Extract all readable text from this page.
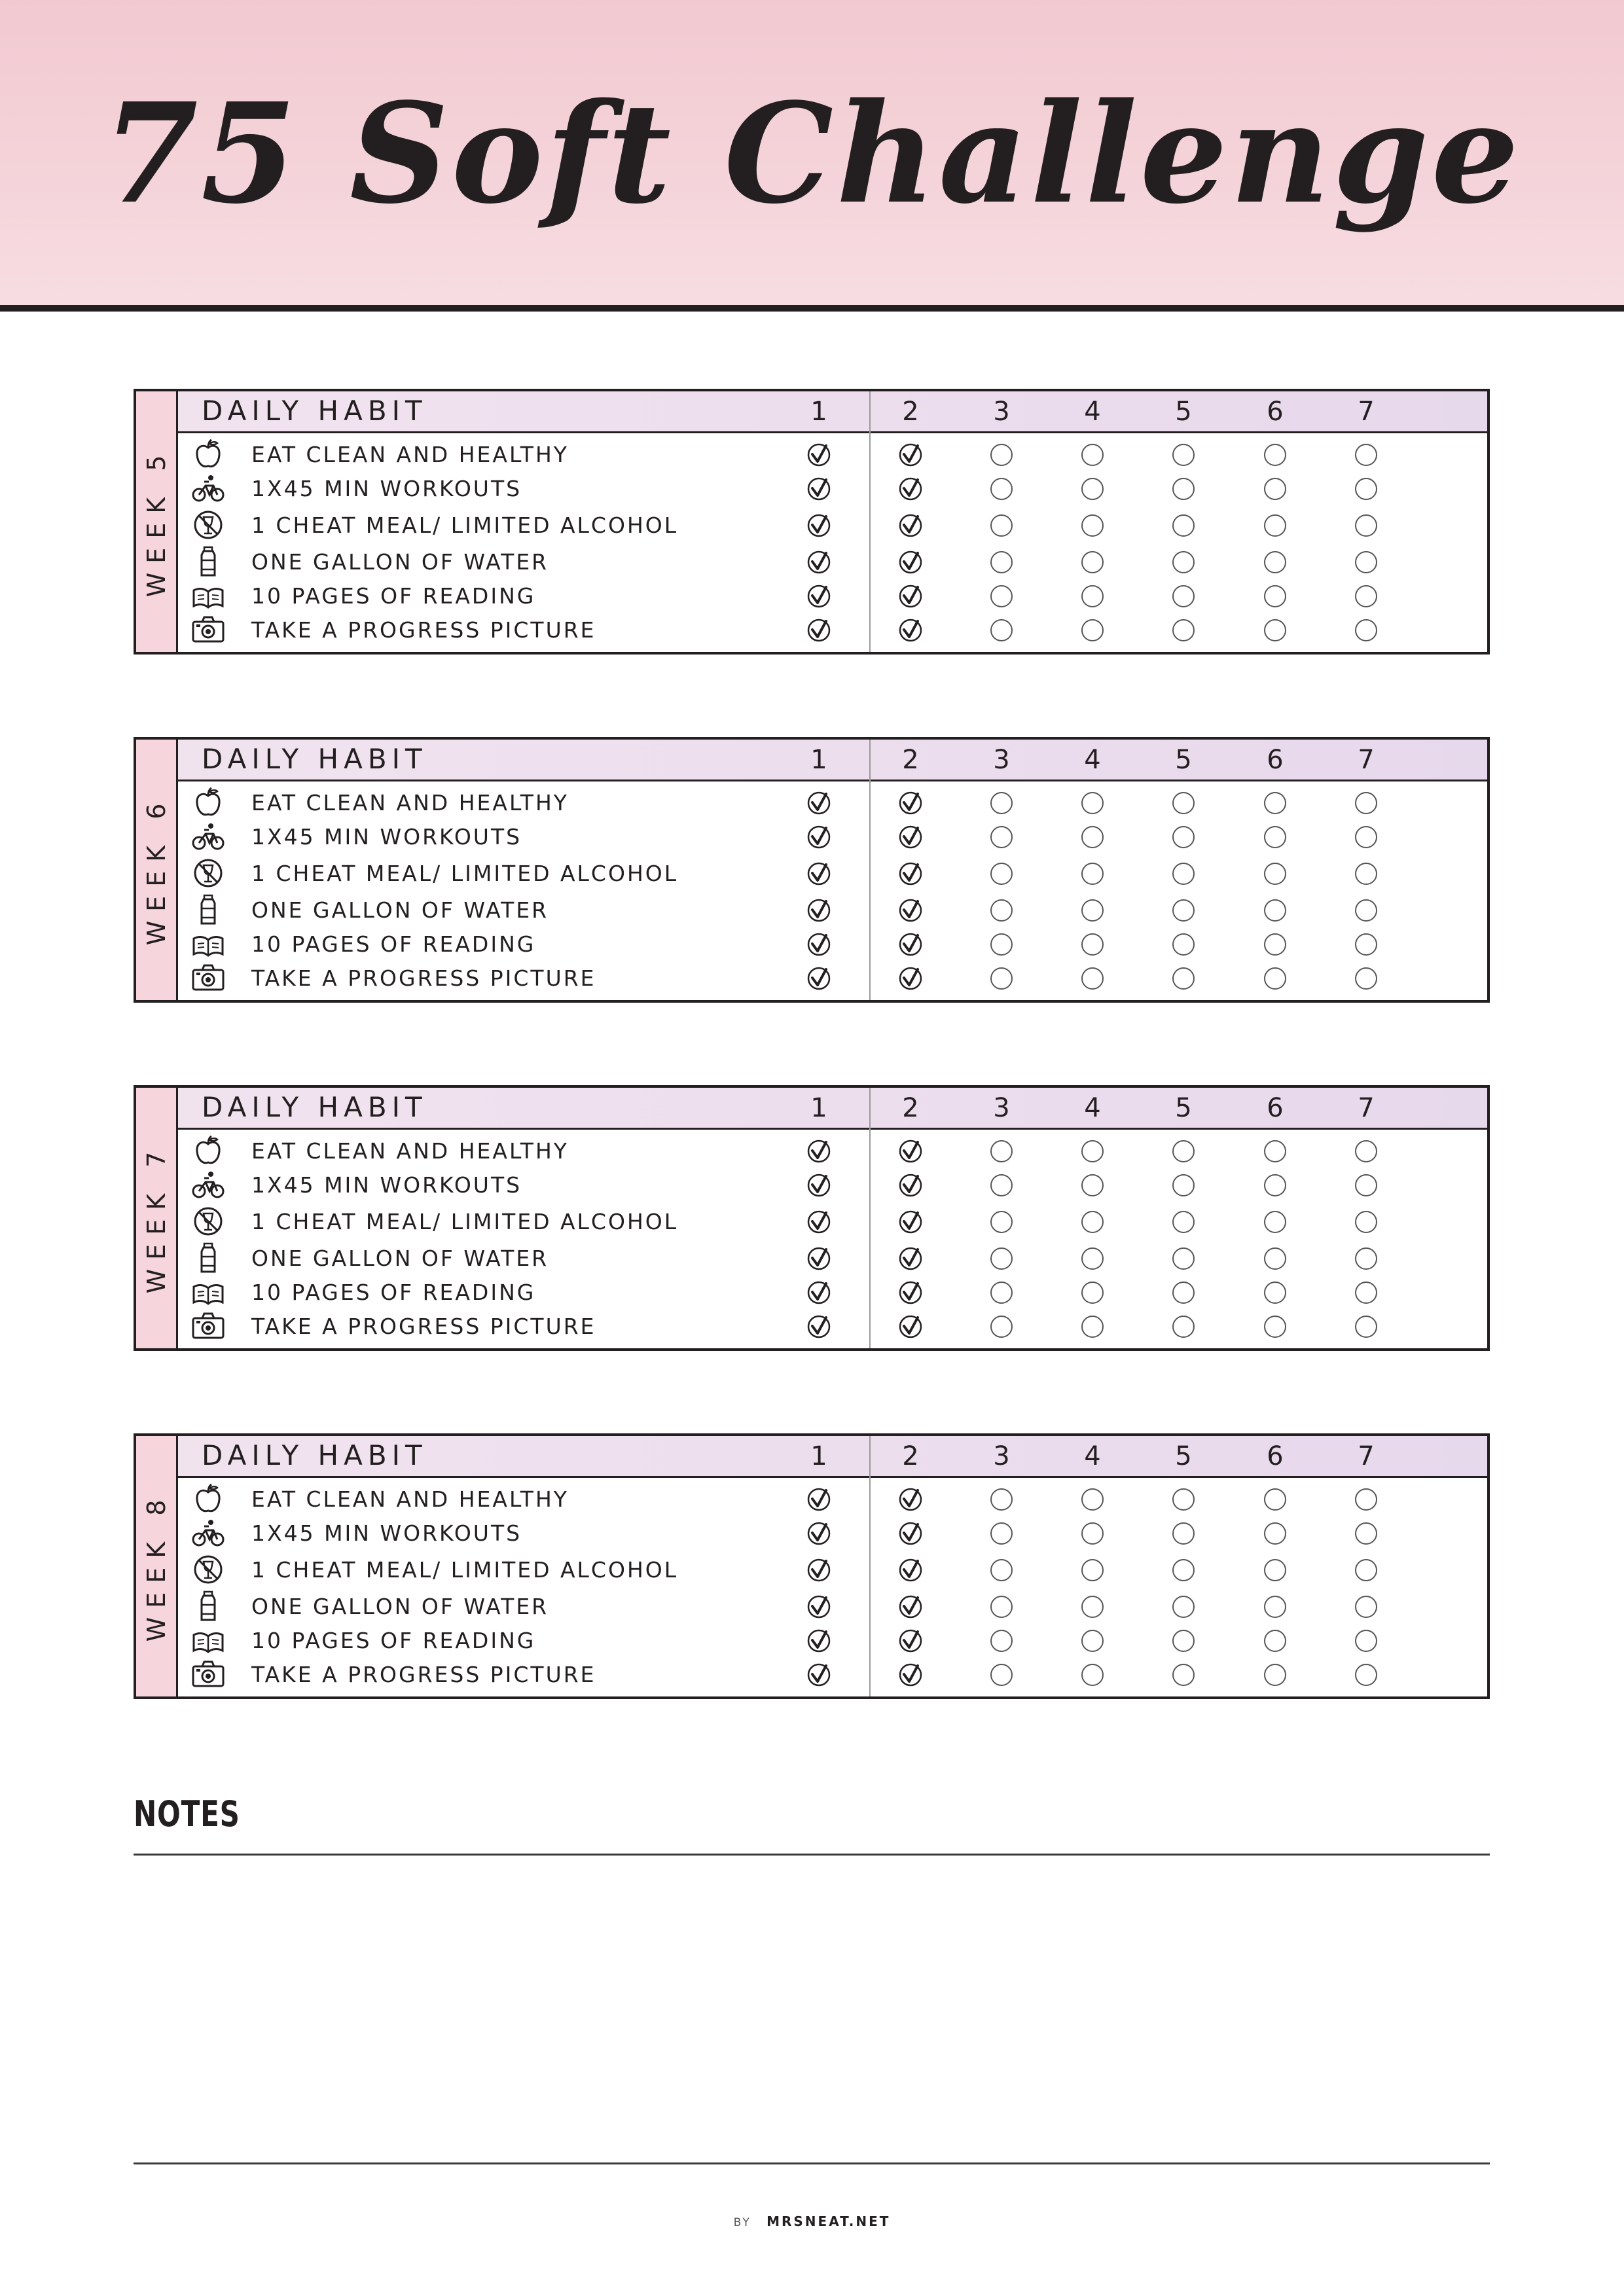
75 Soft Challenge
WEEK 5
DAILY HABIT	1	2	3	4	5	6	7
EAT CLEAN AND HEALTHY
1X45 MIN WORKOUTS
1 CHEAT MEAL/ LIMITED ALCOHOL
ONE GALLON OF WATER
10 PAGES OF READING
TAKE A PROGRESS PICTURE
WEEK 6
DAILY HABIT	1	2	3	4	5	6	7
EAT CLEAN AND HEALTHY
1X45 MIN WORKOUTS
1 CHEAT MEAL/ LIMITED ALCOHOL
ONE GALLON OF WATER
10 PAGES OF READING
TAKE A PROGRESS PICTURE
WEEK 7
DAILY HABIT	1	2	3	4	5	6	7
EAT CLEAN AND HEALTHY
1X45 MIN WORKOUTS
1 CHEAT MEAL/ LIMITED ALCOHOL
ONE GALLON OF WATER
10 PAGES OF READING
TAKE A PROGRESS PICTURE
WEEK 8
DAILY HABIT	1	2	3	4	5	6	7
EAT CLEAN AND HEALTHY
1X45 MIN WORKOUTS
1 CHEAT MEAL/ LIMITED ALCOHOL
ONE GALLON OF WATER
10 PAGES OF READING
TAKE A PROGRESS PICTURE
NOTES
BY MRSNEAT.NET
